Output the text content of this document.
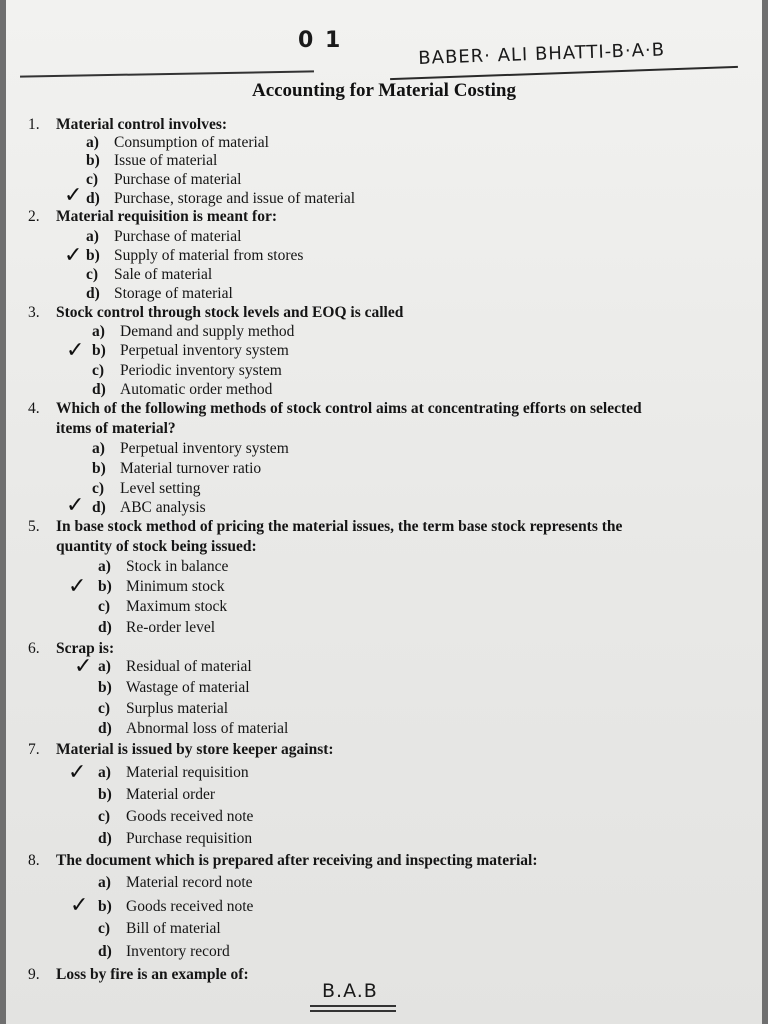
0 1	BABER· ALI BHATTI-B·A·B
Accounting for Material Costing
1. Material control involves:
a) Consumption of material
b) Issue of material
c) Purchase of material
✓ d) Purchase, storage and issue of material
2. Material requisition is meant for:
a) Purchase of material
✓ b) Supply of material from stores
c) Sale of material
d) Storage of material
3. Stock control through stock levels and EOQ is called
a) Demand and supply method
✓ b) Perpetual inventory system
c) Periodic inventory system
d) Automatic order method
4. Which of the following methods of stock control aims at concentrating efforts on selected
items of material?
a) Perpetual inventory system
b) Material turnover ratio
c) Level setting
✓ d) ABC analysis
5. In base stock method of pricing the material issues, the term base stock represents the
quantity of stock being issued:
a) Stock in balance
✓ b) Minimum stock
c) Maximum stock
d) Re-order level
6. Scrap is:
✓ a) Residual of material
b) Wastage of material
c) Surplus material
d) Abnormal loss of material
7. Material is issued by store keeper against:
✓ a) Material requisition
b) Material order
c) Goods received note
d) Purchase requisition
8. The document which is prepared after receiving and inspecting material:
a) Material record note
✓ b) Goods received note
c) Bill of material
d) Inventory record
9. Loss by fire is an example of:
B.A.B
